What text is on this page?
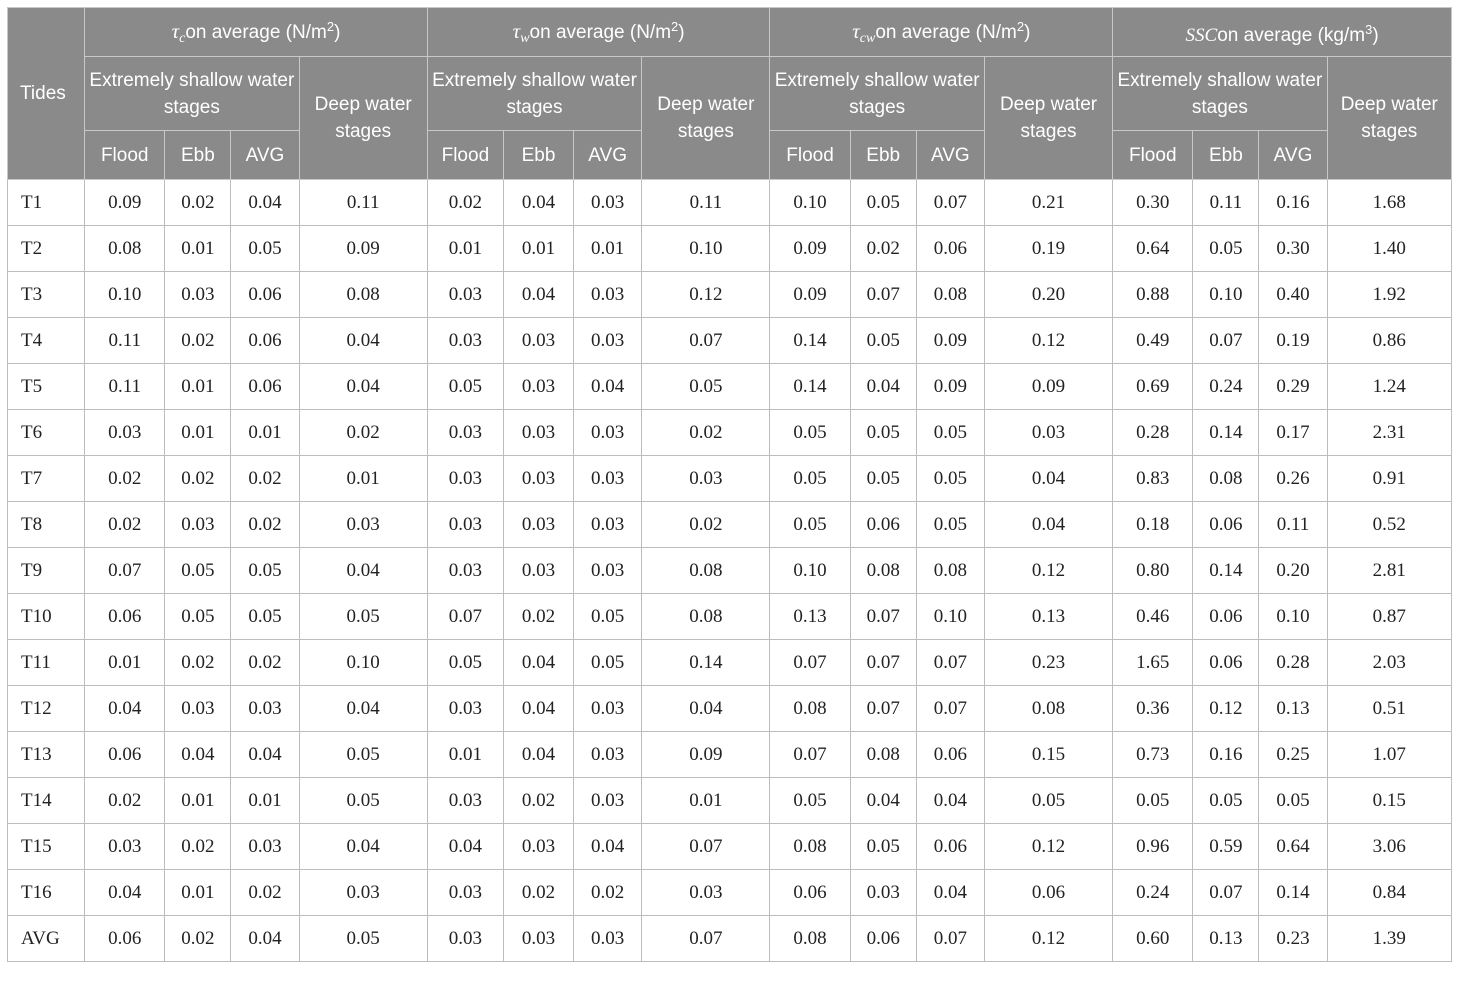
Tides	$\tau_con$ average $(N/m^2)$				$\tau_won$ average $(N/m^2)$				$\tau_{cw}on$ average $(N/m^2)$				SSCon average $(kg/m^3)$			
	Extremely shallow water stages			Deep water stages	Extremely shallow water stages			Deep water stages	Extremely shallow water stages			Deep water stages	Extremely shallow water stages			Deep water stages
	Flood	Ebb	AVG		Flood	Ebb	AVG		Flood	Ebb	AVG		Flood	Ebb	AVG	
T1	0.09	0.02	0.04	0.11	0.02	0.04	0.03	0.11	0.10	0.05	0.07	0.21	0.30	0.11	0.16	1.68
T2	0.08	0.01	0.05	0.09	0.01	0.01	0.01	0.10	0.09	0.02	0.06	0.19	0.64	0.05	0.30	1.40
T3	0.10	0.03	0.06	0.08	0.03	0.04	0.03	0.12	0.09	0.07	0.08	0.20	0.88	0.10	0.40	1.92
T4	0.11	0.02	0.06	0.04	0.03	0.03	0.03	0.07	0.14	0.05	0.09	0.12	0.49	0.07	0.19	0.86
T5	0.11	0.01	0.06	0.04	0.05	0.03	0.04	0.05	0.14	0.04	0.09	0.09	0.69	0.24	0.29	1.24
T6	0.03	0.01	0.01	0.02	0.03	0.03	0.03	0.02	0.05	0.05	0.05	0.03	0.28	0.14	0.17	2.31
T7	0.02	0.02	0.02	0.01	0.03	0.03	0.03	0.03	0.05	0.05	0.05	0.04	0.83	0.08	0.26	0.91
T8	0.02	0.03	0.02	0.03	0.03	0.03	0.03	0.02	0.05	0.06	0.05	0.04	0.18	0.06	0.11	0.52
T9	0.07	0.05	0.05	0.04	0.03	0.03	0.03	0.08	0.10	0.08	0.08	0.12	0.80	0.14	0.20	2.81
T10	0.06	0.05	0.05	0.05	0.07	0.02	0.05	0.08	0.13	0.07	0.10	0.13	0.46	0.06	0.10	0.87
T11	0.01	0.02	0.02	0.10	0.05	0.04	0.05	0.14	0.07	0.07	0.07	0.23	1.65	0.06	0.28	2.03
T12	0.04	0.03	0.03	0.04	0.03	0.04	0.03	0.04	0.08	0.07	0.07	0.08	0.36	0.12	0.13	0.51
T13	0.06	0.04	0.04	0.05	0.01	0.04	0.03	0.09	0.07	0.08	0.06	0.15	0.73	0.16	0.25	1.07
T14	0.02	0.01	0.01	0.05	0.03	0.02	0.03	0.01	0.05	0.04	0.04	0.05	0.05	0.05	0.05	0.15
T15	0.03	0.02	0.03	0.04	0.04	0.03	0.04	0.07	0.08	0.05	0.06	0.12	0.96	0.59	0.64	3.06
T16	0.04	0.01	0.02	0.03	0.03	0.02	0.02	0.03	0.06	0.03	0.04	0.06	0.24	0.07	0.14	0.84
AVG	0.06	0.02	0.04	0.05	0.03	0.03	0.03	0.07	0.08	0.06	0.07	0.12	0.60	0.13	0.23	1.39
